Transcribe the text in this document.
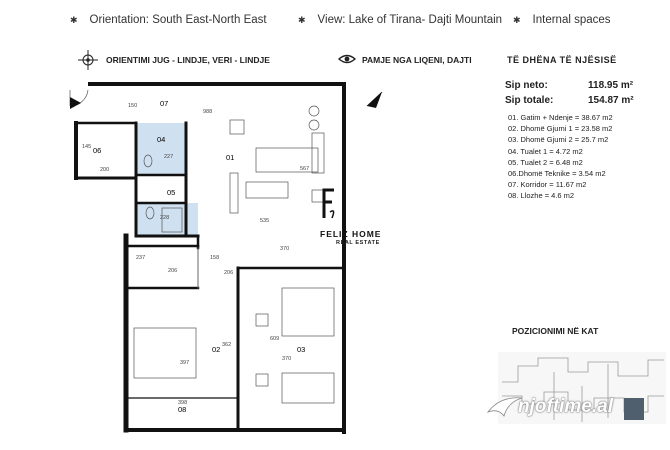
✱ Orientation: South East-North East	✱ View: Lake of Tirana- Dajti Mountain ✱ Internal spaces
ORIENTIMI JUG - LINDJE, VERI - LINDJE	PAMJE NGA LIQENI, DAJTI	TË DHËNA TË NJËSISË
Sip neto:	118.95 m²
Sip totale:	154.87 m²
01. Gatim + Ndenje = 38.67 m2
02. Dhomë Gjumi 1 = 23.58 m2
03. Dhomë Gjumi 2 = 25.7 m2
04. Tualet 1 = 4.72 m2
05. Tualet 2 = 6.48 m2
06.Dhomë Teknike = 3.54 m2
07. Korridor = 11.67 m2
08. Llozhe = 4.6 m2
POZICIONIMI NË KAT
07
06
04
01
05
02	03
08
150
988
145
200
227
567
228	535
370
237
206
158
206
362
609
397
370
398
FELIZ HOME
REAL ESTATE
njoftime.al
